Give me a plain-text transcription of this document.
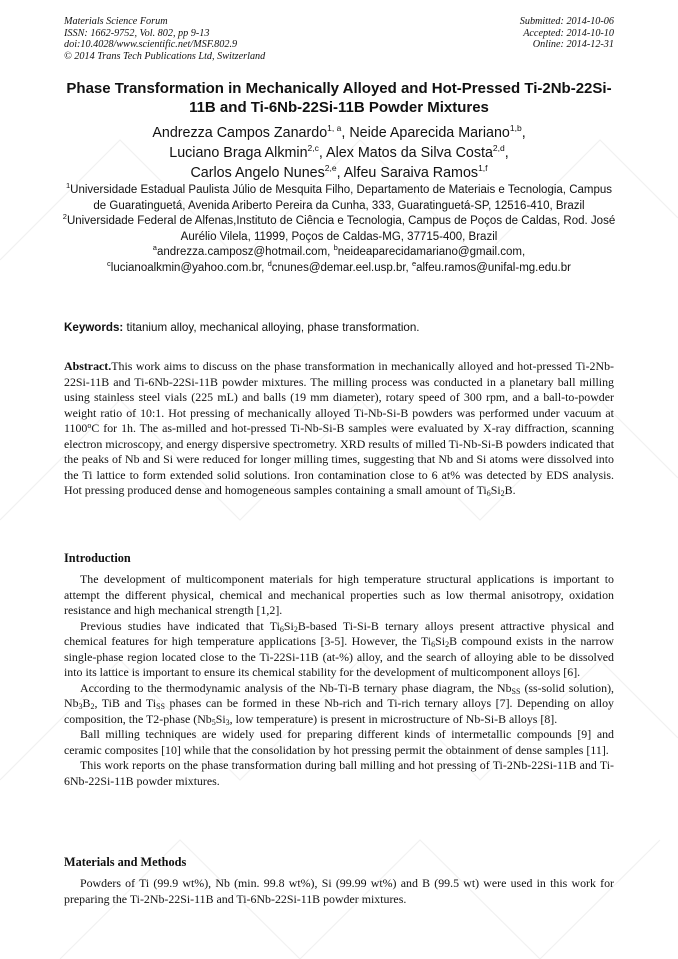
Materials Science Forum
ISSN: 1662-9752, Vol. 802, pp 9-13
doi:10.4028/www.scientific.net/MSF.802.9
© 2014 Trans Tech Publications Ltd, Switzerland
Submitted: 2014-10-06
Accepted: 2014-10-10
Online: 2014-12-31
Phase Transformation in Mechanically Alloyed and Hot-Pressed Ti-2Nb-22Si-11B and Ti-6Nb-22Si-11B Powder Mixtures
Andrezza Campos Zanardo$^{1, a}$, Neide Aparecida Mariano$^{1,b}$,
Luciano Braga Alkmin$^{2,c}$, Alex Matos da Silva Costa$^{2,d}$,
Carlos Angelo Nunes$^{2,e}$, Alfeu Saraiva Ramos$^{1,f}$
$^1$Universidade Estadual Paulista Júlio de Mesquita Filho, Departamento de Materiais e Tecnologia, Campus de Guaratinguetá, Avenida Ariberto Pereira da Cunha, 333, Guaratinguetá-SP, 12516-410, Brazil
$^2$Universidade Federal de Alfenas,Instituto de Ciência e Tecnologia, Campus de Poços de Caldas, Rod. José Aurélio Vilela, 11999, Poços de Caldas-MG, 37715-400, Brazil
$^a$andrezza.camposz@hotmail.com, $^b$neideaparecidamariano@gmail.com,
$^c$lucianoalkmin@yahoo.com.br, $^d$cnunes@demar.eel.usp.br, $^e$alfeu.ramos@unifal-mg.edu.br
Keywords: titanium alloy, mechanical alloying, phase transformation.

Abstract.This work aims to discuss on the phase transformation in mechanically alloyed and hot-pressed Ti-2Nb-22Si-11B and Ti-6Nb-22Si-11B powder mixtures. The milling process was conducted in a planetary ball milling using stainless steel vials (225 mL) and balls (19 mm diameter), rotary speed of 300 rpm, and a ball-to-powder weight ratio of 10:1. Hot pressing of mechanically alloyed Ti-Nb-Si-B powders was performed under vacuum at 1100$^o$C for 1h. The as-milled and hot-pressed Ti-Nb-Si-B samples were evaluated by X-ray diffraction, scanning electron microscopy, and energy dispersive spectrometry. XRD results of milled Ti-Nb-Si-B powders indicated that the peaks of Nb and Si were reduced for longer milling times, suggesting that Nb and Si atoms were dissolved into the Ti lattice to form extended solid solutions. Iron contamination close to 6 at% was detected by EDS analysis. Hot pressing produced dense and homogeneous samples containing a small amount of $Ti_6Si_2B$.

Introduction

The development of multicomponent materials for high temperature structural applications is important to attempt the different physical, chemical and mechanical properties such as low thermal anisotropy, oxidation resistance and high mechanical strength [1,2].

Previous studies have indicated that $Ti_6Si_2B$-based Ti-Si-B ternary alloys present attractive physical and chemical features for high temperature applications [3-5]. However, the $Ti_6Si_2B$ compound exists in the narrow single-phase region located close to the Ti-22Si-11B (at-%) alloy, and the search of alloying able to be dissolved into its lattice is important to ensure its chemical stability for the development of multicomponent alloys [6].

According to the thermodynamic analysis of the Nb-Ti-B ternary phase diagram, the $Nb_{SS}$ (ss-solid solution), $Nb_3B_2$, TiB and $Ti_{SS}$ phases can be formed in these Nb-rich and Ti-rich ternary alloys [7]. Depending on alloy composition, the T2-phase ($Nb_5Si_3$, low temperature) is present in microstructure of Nb-Si-B alloys [8].

Ball milling techniques are widely used for preparing different kinds of intermetallic compounds [9] and ceramic composites [10] while that the consolidation by hot pressing permit the obtainment of dense samples [11].

This work reports on the phase transformation during ball milling and hot pressing of Ti-2Nb-22Si-11B and Ti-6Nb-22Si-11B powder mixtures.

Materials and Methods

Powders of Ti (99.9 wt%), Nb (min. 99.8 wt%), Si (99.99 wt%) and B (99.5 wt) were used in this work for preparing the Ti-2Nb-22Si-11B and Ti-6Nb-22Si-11B powder mixtures.
